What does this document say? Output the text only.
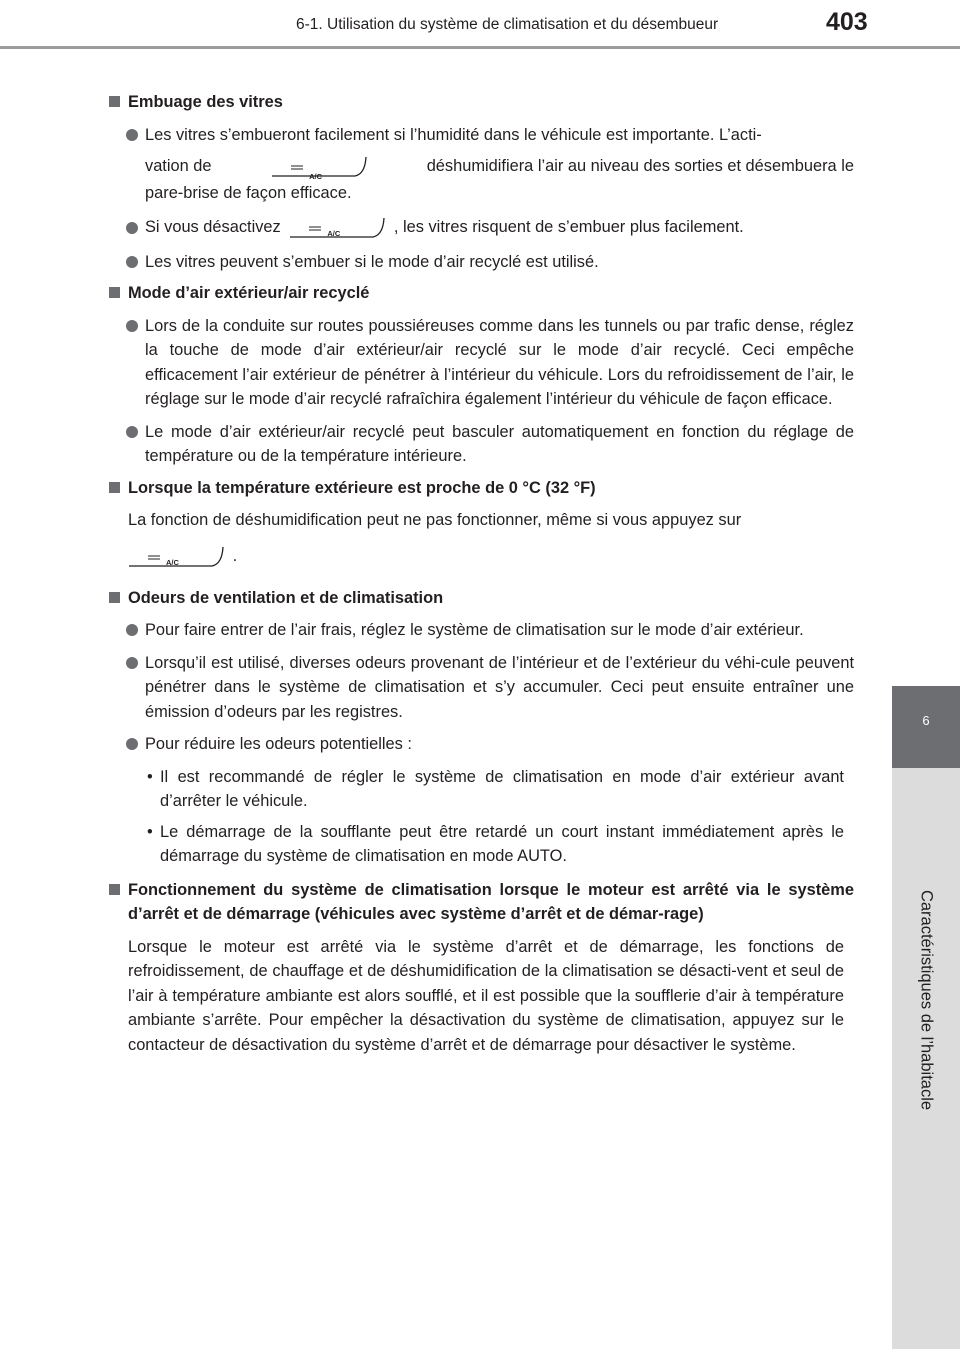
6-1. Utilisation du système de climatisation et du désembueur	403
6
Caractéristiques de l’habitacle
Embuage des vitres
Les vitres s’embueront facilement si l’humidité dans le véhicule est importante. L’acti-
vation de
A/C
déshumidifiera l’air au niveau des sorties et désembuera le
pare-brise de façon efficace.
Si vous désactivez	A/C	, les vitres risquent de s’embuer plus facilement.
Les vitres peuvent s’embuer si le mode d’air recyclé est utilisé.
Mode d’air extérieur/air recyclé
Lors de la conduite sur routes poussiéreuses comme dans les tunnels ou par trafic dense, réglez la touche de mode d’air extérieur/air recyclé sur le mode d’air recyclé. Ceci empêche efficacement l’air extérieur de pénétrer à l’intérieur du véhicule. Lors du refroidissement de l’air, le réglage sur le mode d’air recyclé rafraîchira également l’intérieur du véhicule de façon efficace.
Le mode d’air extérieur/air recyclé peut basculer automatiquement en fonction du réglage de température ou de la température intérieure.
Lorsque la température extérieure est proche de 0 °C (32 °F)
La fonction de déshumidification peut ne pas fonctionner, même si vous appuyez sur
A/C	.
Odeurs de ventilation et de climatisation
Pour faire entrer de l’air frais, réglez le système de climatisation sur le mode d’air extérieur.
Lorsqu’il est utilisé, diverses odeurs provenant de l’intérieur et de l’extérieur du véhi-cule peuvent pénétrer dans le système de climatisation et s’y accumuler. Ceci peut ensuite entraîner une émission d’odeurs par les registres.
Pour réduire les odeurs potentielles :
• Il est recommandé de régler le système de climatisation en mode d’air extérieur avant d’arrêter le véhicule.
• Le démarrage de la soufflante peut être retardé un court instant immédiatement après le démarrage du système de climatisation en mode AUTO.
Fonctionnement du système de climatisation lorsque le moteur est arrêté via le système d’arrêt et de démarrage (véhicules avec système d’arrêt et de démar-rage)
Lorsque le moteur est arrêté via le système d’arrêt et de démarrage, les fonctions de refroidissement, de chauffage et de déshumidification de la climatisation se désacti-vent et seul de l’air à température ambiante est alors soufflé, et il est possible que la soufflerie d’air à température ambiante s’arrête. Pour empêcher la désactivation du système de climatisation, appuyez sur le contacteur de désactivation du système d’arrêt et de démarrage pour désactiver le système.
